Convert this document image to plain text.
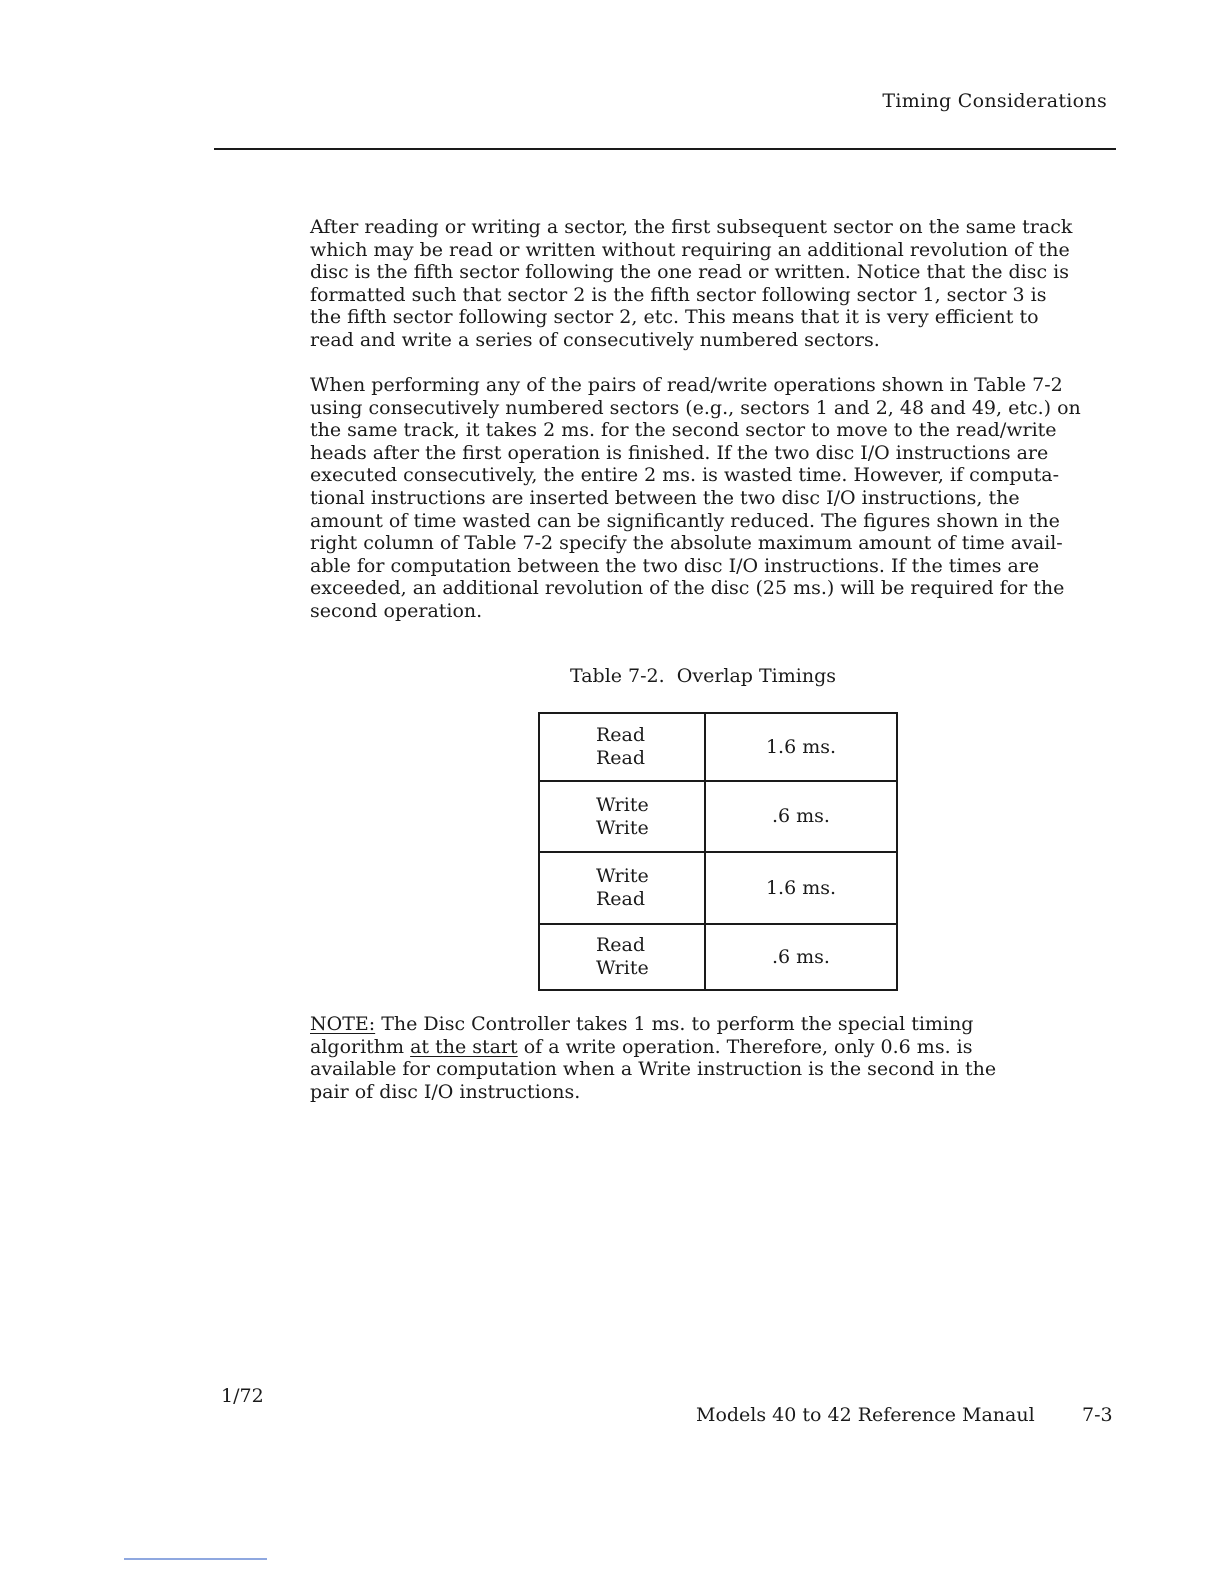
Timing Considerations

After reading or writing a sector, the first subsequent sector on the same track
which may be read or written without requiring an additional revolution of the
disc is the fifth sector following the one read or written. Notice that the disc is
formatted such that sector 2 is the fifth sector following sector 1, sector 3 is
the fifth sector following sector 2, etc. This means that it is very efficient to
read and write a series of consecutively numbered sectors.

When performing any of the pairs of read/write operations shown in Table 7-2
using consecutively numbered sectors (e.g., sectors 1 and 2, 48 and 49, etc.) on
the same track, it takes 2 ms. for the second sector to move to the read/write
heads after the first operation is finished. If the two disc I/O instructions are
executed consecutively, the entire 2 ms. is wasted time. However, if computa-
tional instructions are inserted between the two disc I/O instructions, the
amount of time wasted can be significantly reduced. The figures shown in the
right column of Table 7-2 specify the absolute maximum amount of time avail-
able for computation between the two disc I/O instructions. If the times are
exceeded, an additional revolution of the disc (25 ms.) will be required for the
second operation.

Table 7-2.  Overlap Timings
Read
Read	1.6 ms.

Write
Write	.6 ms.

Write
Read	1.6 ms.

Read
Write	.6 ms.

NOTE: The Disc Controller takes 1 ms. to perform the special timing
algorithm at the start of a write operation. Therefore, only 0.6 ms. is
available for computation when a Write instruction is the second in the
pair of disc I/O instructions.

1/72
Models 40 to 42 Reference Manaul 7-3
